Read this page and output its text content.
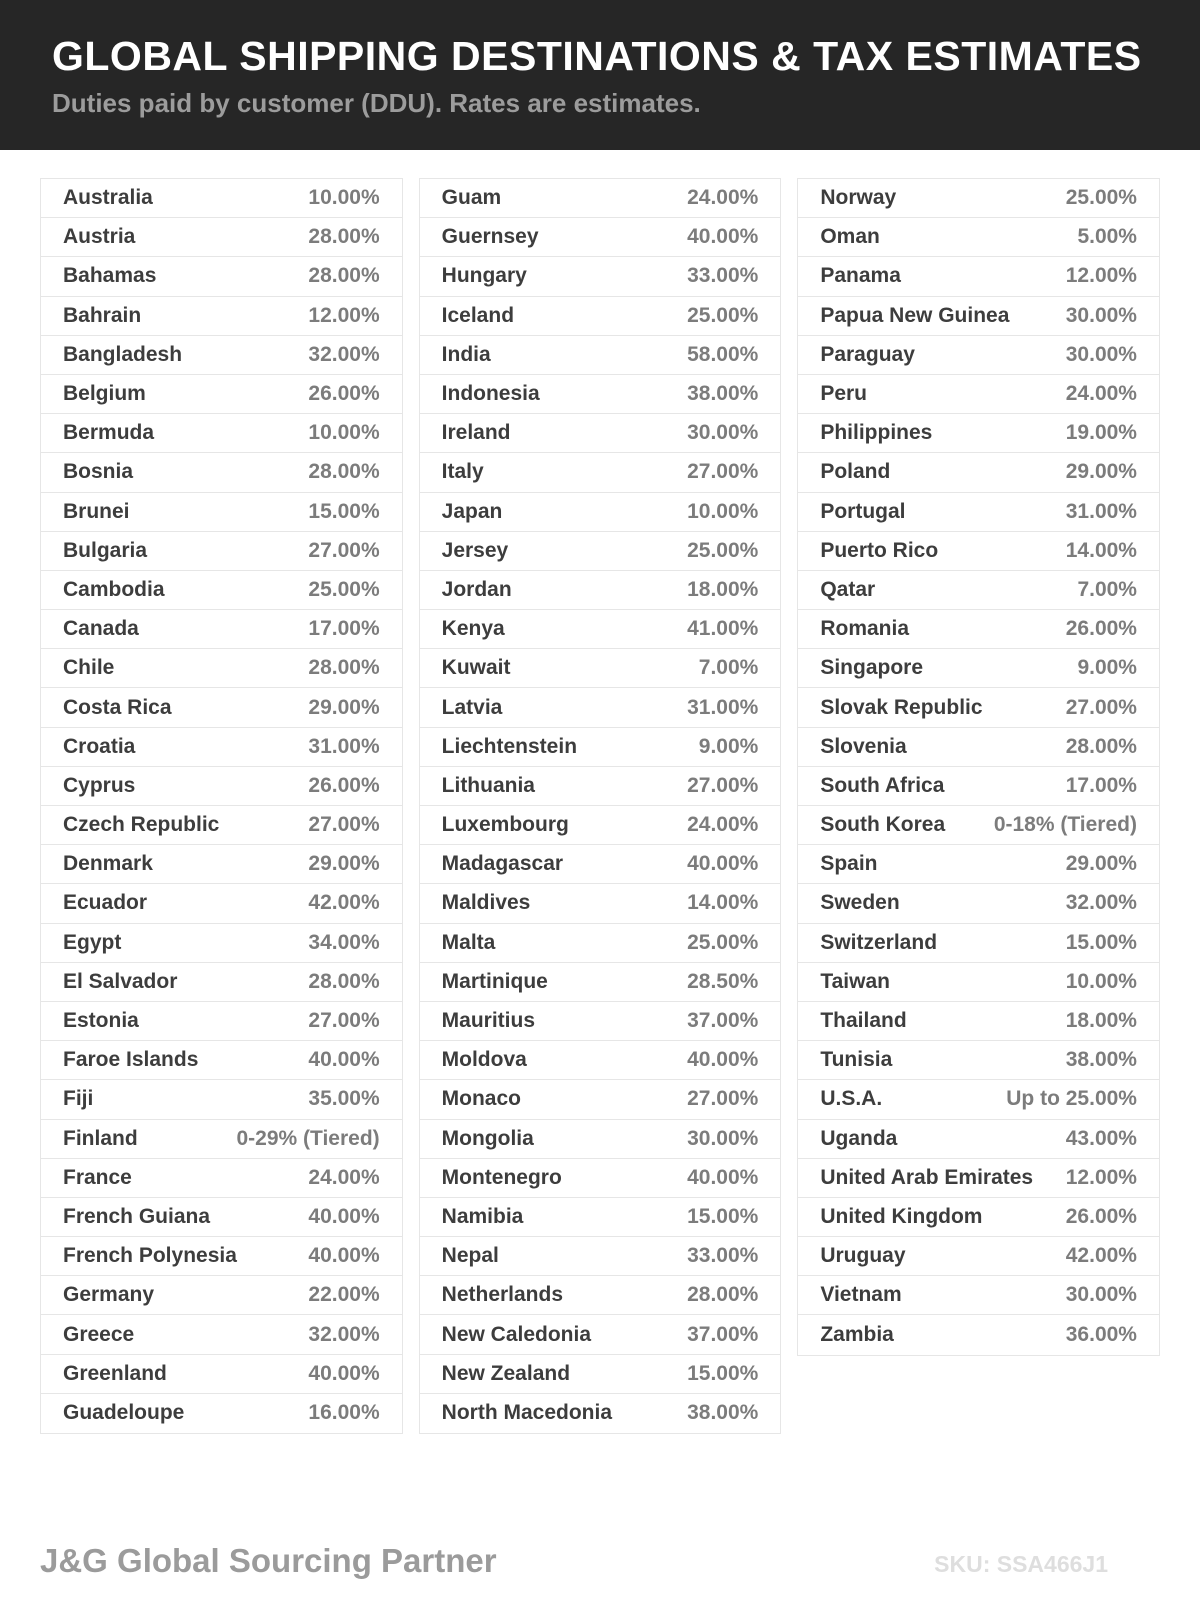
GLOBAL SHIPPING DESTINATIONS & TAX ESTIMATES
Duties paid by customer (DDU). Rates are estimates.
Australia	10.00%
Austria	28.00%
Bahamas	28.00%
Bahrain	12.00%
Bangladesh	32.00%
Belgium	26.00%
Bermuda	10.00%
Bosnia	28.00%
Brunei	15.00%
Bulgaria	27.00%
Cambodia	25.00%
Canada	17.00%
Chile	28.00%
Costa Rica	29.00%
Croatia	31.00%
Cyprus	26.00%
Czech Republic	27.00%
Denmark	29.00%
Ecuador	42.00%
Egypt	34.00%
El Salvador	28.00%
Estonia	27.00%
Faroe Islands	40.00%
Fiji	35.00%
Finland	0-29% (Tiered)
France	24.00%
French Guiana	40.00%
French Polynesia	40.00%
Germany	22.00%
Greece	32.00%
Greenland	40.00%
Guadeloupe	16.00%
Guam	24.00%
Guernsey	40.00%
Hungary	33.00%
Iceland	25.00%
India	58.00%
Indonesia	38.00%
Ireland	30.00%
Italy	27.00%
Japan	10.00%
Jersey	25.00%
Jordan	18.00%
Kenya	41.00%
Kuwait	7.00%
Latvia	31.00%
Liechtenstein	9.00%
Lithuania	27.00%
Luxembourg	24.00%
Madagascar	40.00%
Maldives	14.00%
Malta	25.00%
Martinique	28.50%
Mauritius	37.00%
Moldova	40.00%
Monaco	27.00%
Mongolia	30.00%
Montenegro	40.00%
Namibia	15.00%
Nepal	33.00%
Netherlands	28.00%
New Caledonia	37.00%
New Zealand	15.00%
North Macedonia	38.00%
Norway	25.00%
Oman	5.00%
Panama	12.00%
Papua New Guinea	30.00%
Paraguay	30.00%
Peru	24.00%
Philippines	19.00%
Poland	29.00%
Portugal	31.00%
Puerto Rico	14.00%
Qatar	7.00%
Romania	26.00%
Singapore	9.00%
Slovak Republic	27.00%
Slovenia	28.00%
South Africa	17.00%
South Korea 0-18% (Tiered)
Spain	29.00%
Sweden	32.00%
Switzerland	15.00%
Taiwan	10.00%
Thailand	18.00%
Tunisia	38.00%
U.S.A.	Up to 25.00%
Uganda	43.00%
United Arab Emirates 12.00%
United Kingdom	26.00%
Uruguay	42.00%
Vietnam	30.00%
Zambia	36.00%
J&G Global Sourcing Partner	SKU: SSA466J1
